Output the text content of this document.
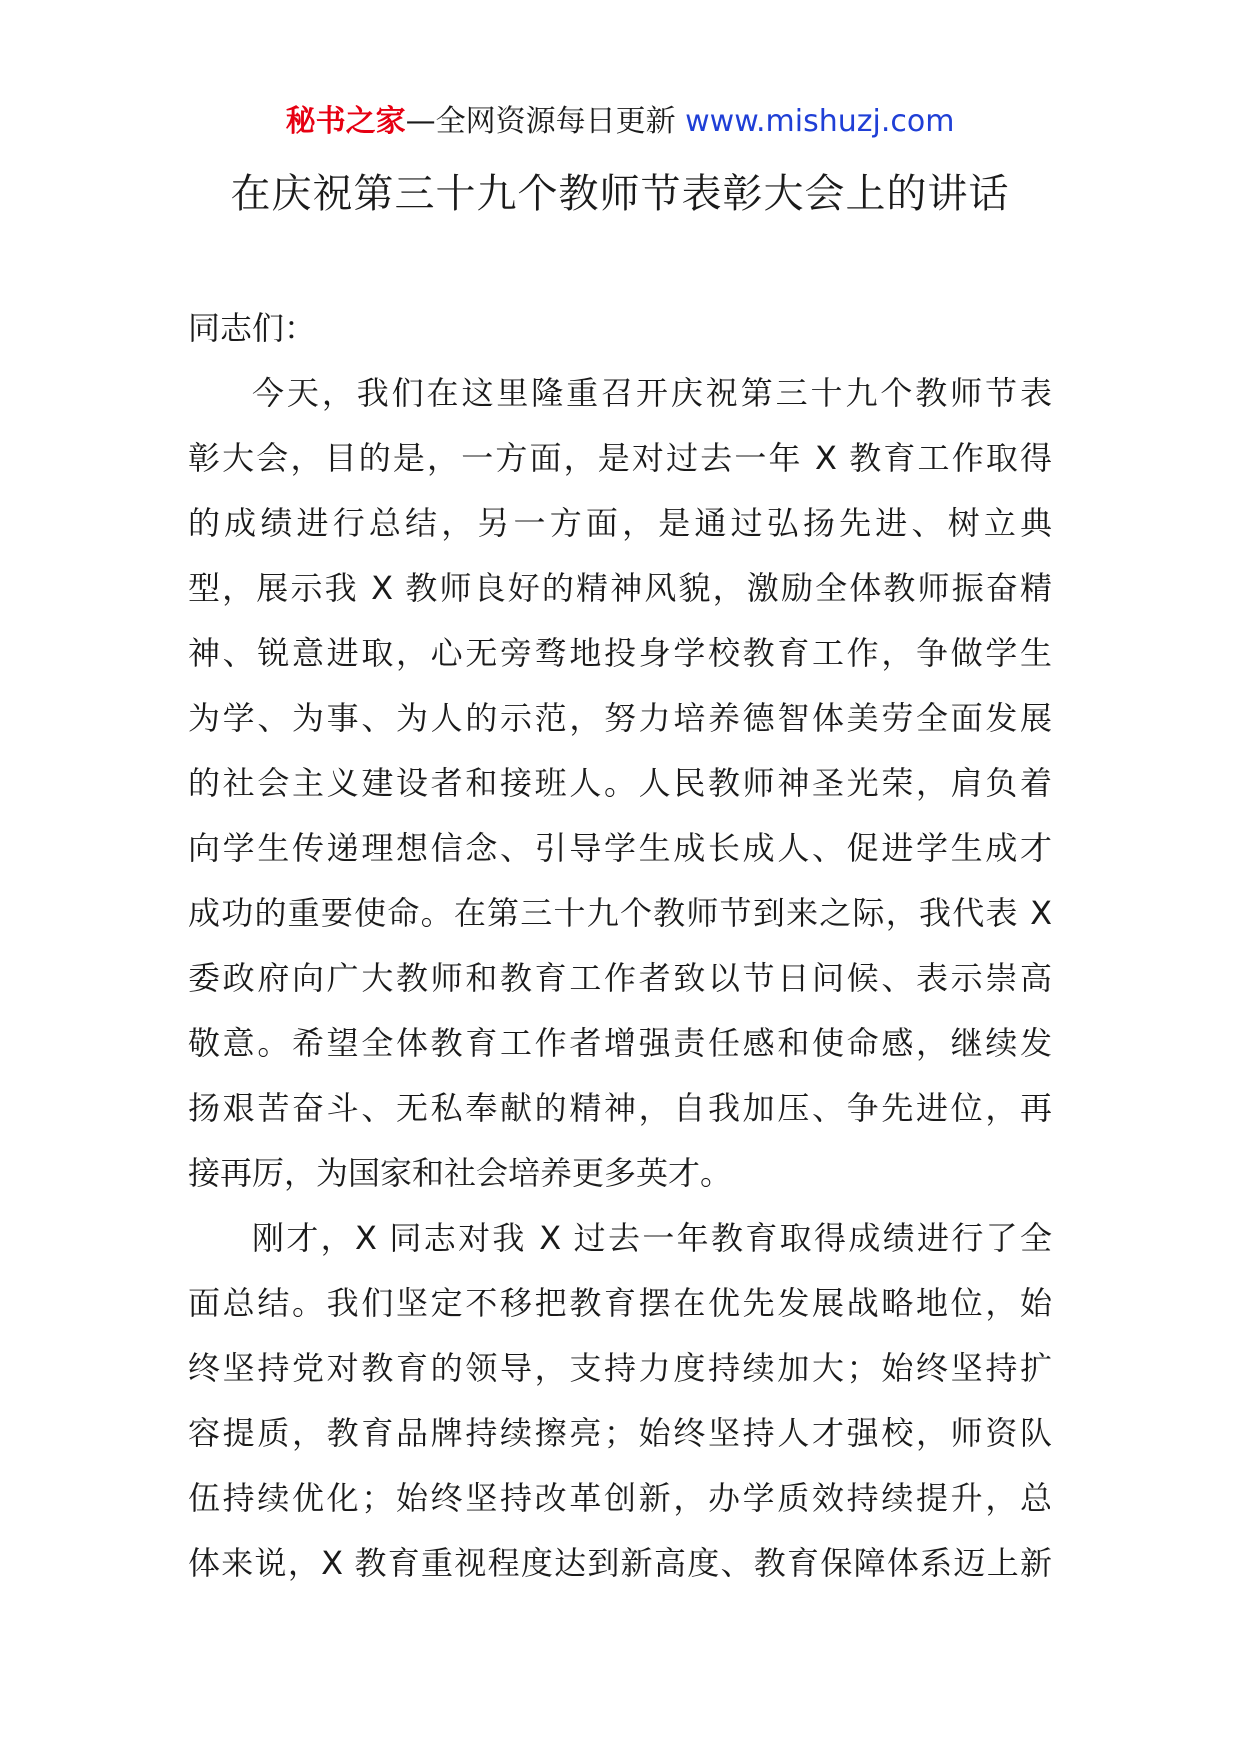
秘书之家—全网资源每日更新 www.mishuzj.com
在庆祝第三十九个教师节表彰大会上的讲话
同志们：
今天，我们在这里隆重召开庆祝第三十九个教师节表
彰大会，目的是，一方面，是对过去一年 X 教育工作取得
的成绩进行总结，另一方面，是通过弘扬先进、树立典
型，展示我 X 教师良好的精神风貌，激励全体教师振奋精
神、锐意进取，心无旁骛地投身学校教育工作，争做学生
为学、为事、为人的示范，努力培养德智体美劳全面发展
的社会主义建设者和接班人。人民教师神圣光荣，肩负着
向学生传递理想信念、引导学生成长成人、促进学生成才
成功的重要使命。在第三十九个教师节到来之际，我代表 X
委政府向广大教师和教育工作者致以节日问候、表示崇高
敬意。希望全体教育工作者增强责任感和使命感，继续发
扬艰苦奋斗、无私奉献的精神，自我加压、争先进位，再
接再厉，为国家和社会培养更多英才。
刚才，X 同志对我 X 过去一年教育取得成绩进行了全
面总结。我们坚定不移把教育摆在优先发展战略地位，始
终坚持党对教育的领导，支持力度持续加大；始终坚持扩
容提质，教育品牌持续擦亮；始终坚持人才强校，师资队
伍持续优化；始终坚持改革创新，办学质效持续提升，总
体来说，X 教育重视程度达到新高度、教育保障体系迈上新
